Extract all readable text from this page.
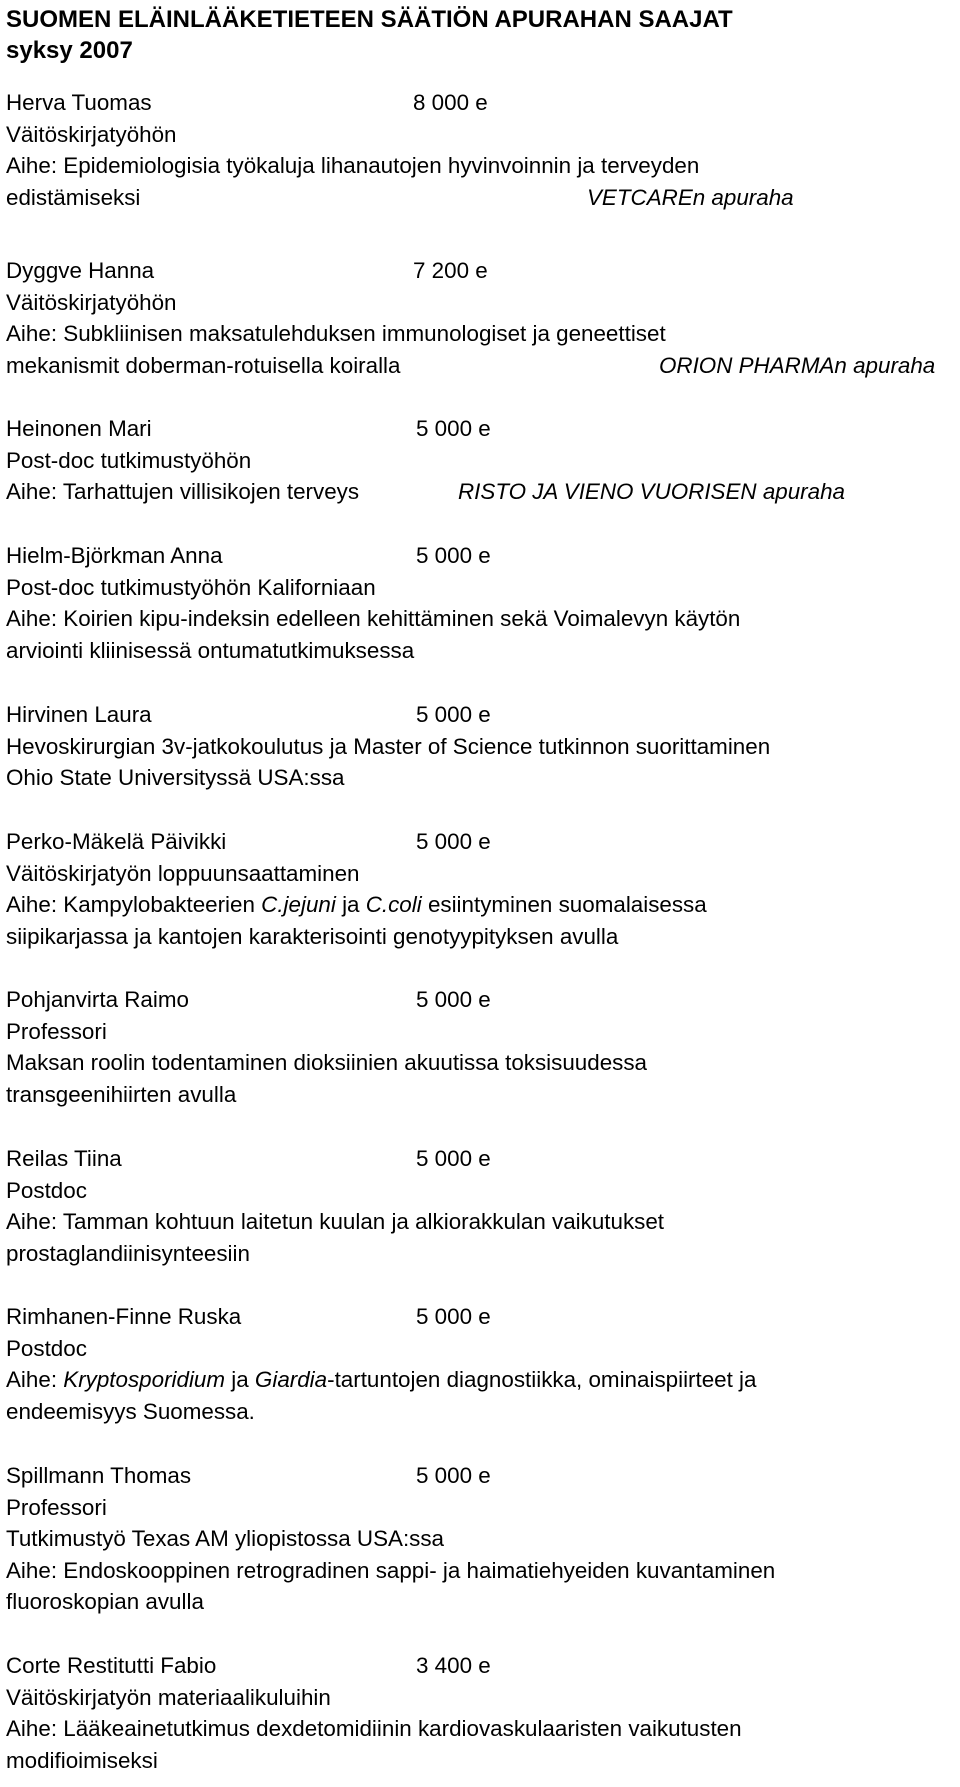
SUOMEN ELÄINLÄÄKETIETEEN SÄÄTIÖN APURAHAN SAAJAT
syksy 2007
Herva Tuomas	8 000 e
Väitöskirjatyöhön
Aihe: Epidemiologisia työkaluja lihanautojen hyvinvoinnin ja terveyden
edistämiseksi	VETCAREn apuraha
Dyggve Hanna	7 200 e
Väitöskirjatyöhön
Aihe: Subkliinisen maksatulehduksen immunologiset ja geneettiset
mekanismit doberman-rotuisella koiralla	ORION PHARMAn apuraha
Heinonen Mari	5 000 e
Post-doc tutkimustyöhön
Aihe: Tarhattujen villisikojen terveys	RISTO JA VIENO VUORISEN apuraha
Hielm-Björkman Anna	5 000 e
Post-doc tutkimustyöhön Kaliforniaan
Aihe: Koirien kipu-indeksin edelleen kehittäminen sekä Voimalevyn käytön
arviointi kliinisessä ontumatutkimuksessa
Hirvinen Laura	5 000 e
Hevoskirurgian 3v-jatkokoulutus ja Master of Science tutkinnon suorittaminen
Ohio State Universityssä USA:ssa
Perko-Mäkelä Päivikki	5 000 e
Väitöskirjatyön loppuunsaattaminen
Aihe: Kampylobakteerien C.jejuni ja C.coli esiintyminen suomalaisessa
siipikarjassa ja kantojen karakterisointi genotyypityksen avulla
Pohjanvirta Raimo	5 000 e
Professori
Maksan roolin todentaminen dioksiinien akuutissa toksisuudessa
transgeenihiirten avulla
Reilas Tiina	5 000 e
Postdoc
Aihe: Tamman kohtuun laitetun kuulan ja alkiorakkulan vaikutukset
prostaglandiinisynteesiin
Rimhanen-Finne Ruska	5 000 e
Postdoc
Aihe: Kryptosporidium ja Giardia-tartuntojen diagnostiikka, ominaispiirteet ja
endeemisyys Suomessa.
Spillmann Thomas	5 000 e
Professori
Tutkimustyö Texas AM yliopistossa USA:ssa
Aihe: Endoskooppinen retrogradinen sappi- ja haimatiehyeiden kuvantaminen
fluoroskopian avulla
Corte Restitutti Fabio	3 400 e
Väitöskirjatyön materiaalikuluihin
Aihe: Lääkeainetutkimus dexdetomidiinin kardiovaskulaaristen vaikutusten
modifioimiseksi
